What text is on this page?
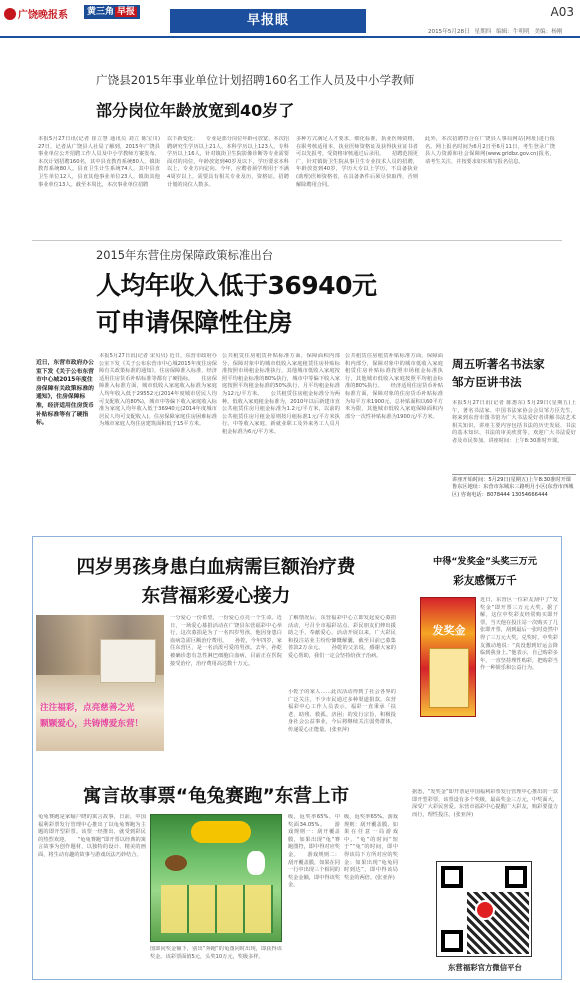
广饶晚报系	黄三角 早报
早报眼
A03
2015年5月28日 星期四 编辑：牛明明 美编：杨刚
广饶县2015年事业单位计划招聘160名工作人员及中小学教师
部分岗位年龄放宽到40岁了
本报5月27日讯(记者 崔立慧 通讯员 刘立 陈宝川) 27日，记者从广饶县人社局了解到，2015年广饶县事业单位公开招聘工作人员及中小学教师方案发布，本次计划招聘160名，其中县直教育系统80人，镇街教育系统80人。县直卫生计生系统74人，其中县直卫生单位12人，县直其他事业单位23人，镇街其他事业单位13人。截至本周比，本次事业单位招聘
以下新变化：　　专业是部分岗位年龄可放宽，本次招聘研究生学历以上21人，本科学历以上123人，专科学历以上16人，针对镇街卫生院影像诊断等专业需要面对的岗位，年龄放宽到40岁及以下，学历要求本科以上，专业方向定向。今年，应聘者须学理用于不满4周岁以上，需要具有相关专业及历，资格证。招聘计划的岗位人数多。
多种方式满足人才要求，细化标准，执业医师资格，在职考核适用本，执业医师资格证及获得执业证书者可以先报考，受资格审核通过后录用。　　招聘范围更广，针对镇街卫生院从事卫生专业技术人员的招聘，年龄放宽到40岁，学历大专以上学历，不具备执业(助理)医师资格者，在具备条件后须尽快取得，否则解除聘用合同。
此外，本次招聘符合在广饶县人事局网站(网址)进行报名。网上报名时间为6月2日至6月11日，考生登录广饶县人力资源和社会保障网(www.grldbz.gov.cn)报名，请考生关注，并按要求如实填写报名信息。
2015年东营住房保障政策标准出台
人均年收入低于36940元
可申请保障性住房
近日，东营市政府办公室下发《关于公布东营市中心城2015年度住房保障有关政策标准的通知》，住房保障标准，经济适用住房货币补贴标准等有了硬指标。
本报5月27日讯(记者 宋贝贝) 近日，东营市政府办公室下发《关于公布东营市中心城2015年度住房保障有关政策标准的通知》，住房保障准入标准、经济适用住房货币补贴标准等都有了硬指标。　　住房保障准入标准方面，城市低收入家庭收入标准为家庭人均年收入低于29552元(2014年度城市居民人均可支配收入的80%)，城市中等偏下收入家庭收入标准为家庭人均年收入低于36940元(2014年度城市居民人均可支配收入)。住房保障家庭住房困难标准为城市家庭人均住房建筑面积低于15平方米。
公共租赁住房租赁补贴标准方面，保障面积内部分，保障对象中的城市低收入家庭租赁住房补贴标准按照市场租金标准执行，其他城市低收入家庭按照平均租金标准的80%执行，城市中等偏下收入家庭按照平均租金标准的50%执行，月平均租金标准为12元/平方米。　　公共租赁住房租金标准分为两种。低收入家庭租金标准为，2010年以后新建市直公共租赁住房月租金标准为1.2元/平方米，以前的公共租赁住房月租金原则按月租标准1元/平方米执行。中等收入家庭、新就业职工及外来务工人员月租金标准为6元/平方米。
公共租赁住房租赁补贴标准方面，保障面积内部分，保障对象中的城市低收入家庭租赁住房补贴标准按照市场租金标准执行，其他城市低收入家庭按照平均租金标准的80%执行。　　经济适用住房货币补贴标准方面，保障对象的住房货币补贴标准为每平方米1900元，总补贴面积以60平方米为限，其他城市低收入家庭保障面积内部分一次性补贴标准为1900元/平方米。
周五听著名书法家
邹方臣讲书法
本报5月27日讯(记者 陈惠东) 5月29日(星期五)上午，著名书法家、中国书法家协会会员邹方臣先生，将来到东营市图书馆为广大书法爱好者讲解书法艺术相关知识，讲座主要内容包括书法的历史发展、书法的基本知识、书法的审美欣赏等。欢迎广大书法爱好者及市民参加，讲座时间：上午8:30准时开课。
讲座开始时间：5月29日(星期五)上午8:30准时开课 鲁东区地址：东营市东城东三路明月小区(东营市西城区) 咨询电话：8078444 13054666444
四岁男孩身患白血病需巨额治疗费
东营福彩爱心接力
注注福彩，点亮慈善之光
颗颗爱心，共铸博爱东营！
一分爱心一份希望，一份爱心点亮一个生命。近日，一场爱心募捐活动在广饶县东营福彩中心举行，这次募捐是为了一名四岁男孩，他因身患白血病急需巨额治疗费用。　　孙乾，今年四岁，家住东营区，是一名活泼可爱的男孩。去年，孙乾被确诊患有急性淋巴细胞白血病，目前正在医院接受治疗，治疗费用高达数十万元。
了解情况后，东营福彩中心立即发起爱心募捐活动，号召全市福彩站点、彩民朋友们伸出援助之手，奉献爱心。活动开展以来，广大彩民和投注站业主纷纷慷慨解囊，截至目前已募集善款2万余元。　　孙乾的父亲说，感谢大家的爱心帮助，我们一定会坚持给孩子治病。
小乾子的家人……此次活动得到了社会各界的广泛关注，不少市民通过多种渠道捐款。东营福彩中心工作人员表示，福彩一直秉承「扶老、助残、救孤、济困」的发行宗旨，积极投身社会公益事业，今后将继续关注弱势群体，传递爱心正能量。(张亚萍)
寓言故事票“龟兔赛跑”东营上市
龟兔赛跑是家喻户晓的寓言故事，日前，中国福利彩票发行管理中心推出了以龟兔赛跑为主题的即开型彩票。该票一经推出，就受到彩民的热烈欢迎。　　“龟兔赛跑”即开票以经典的寓言故事为创作题材，以独特的设计、精美的画面，将生动有趣的故事与游戏玩法巧妙结合。
图即同奖金额下，别出“奔跑”的龟图同时出现，即获得该奖金。该彩票面值5元，头奖10万元，奖级多样。
级，返奖率65%，中奖面34.05%。　　游戏规则一：刮开覆盖膜，如果出现“龟”赛跑图符，即中得对应奖金。　　游戏规则二：刮开覆盖膜，如果在同一行中出现三个相同的奖金金额，即中得该奖金。
级，返奖率65%。游戏规则：刮开覆盖膜，如果在任意一局游戏中，“龟”的时间“短于”“兔”的时间，即中得该局下方所对应的奖金；如果出现“龟兔同时到达”，即中得该局奖金的两倍。(张亚萍)
中得“发奖金”头奖三万元
彩友感慨万千
发奖金
近日，东营区一位彩友刮中了“发奖金”即开票三万元大奖。据了解，这位中奖彩友经常购买即开票，当天他在投注站一次购买了几张即开票，刮到最后一张时竟然中得了三万元大奖。兑奖时，中奖彩友激动地说：“真没想到好运会降临到我身上。”他表示，自己购彩多年，一直坚持理性购彩，把购彩当作一种娱乐和公益行为。
据悉，“发奖金”即开票是中国福利彩票发行管理中心推出的一款即开型彩票，该票设有多个奖级，最高奖金三万元，中奖面大，深受广大彩民喜爱。东营市福彩中心提醒广大彩友，购彩要量力而行，理性投注。(张亚萍)
东营福彩官方微信平台
